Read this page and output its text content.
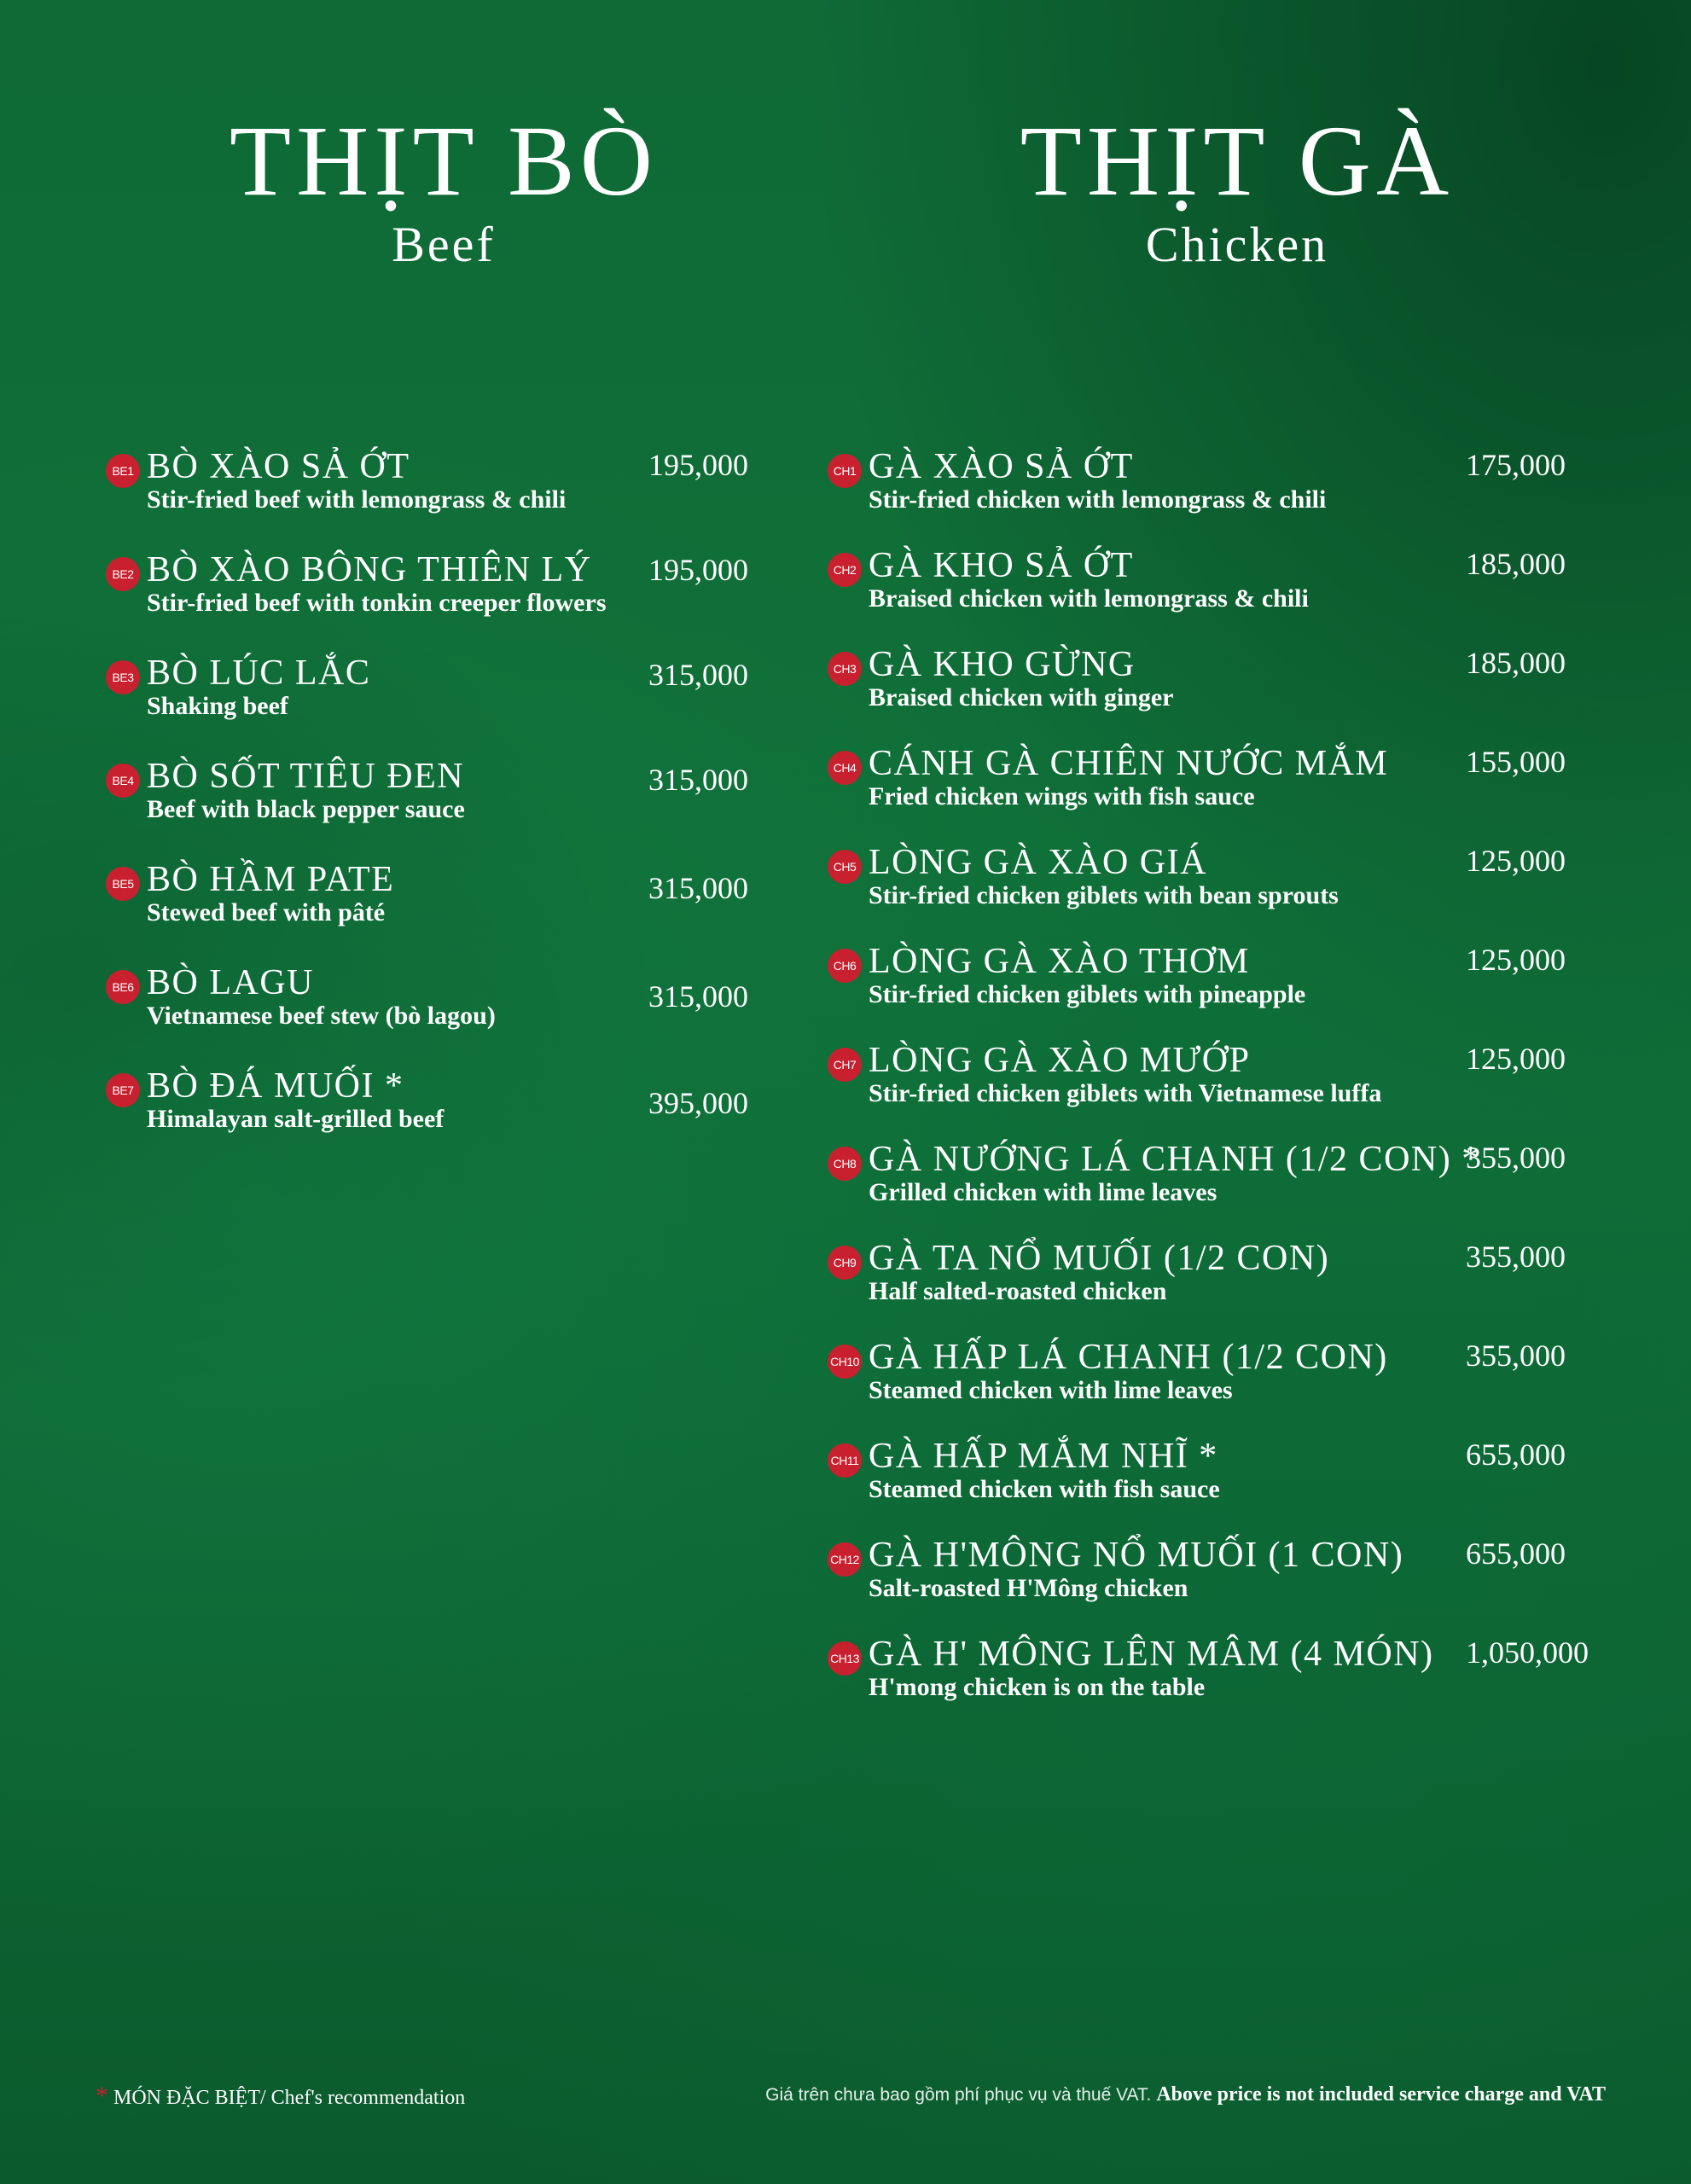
THỊT BÒ
Beef
THỊT GÀ
Chicken
BE1 BÒ XÀO SẢ ỚT
Stir-fried beef with lemongrass & chili
195,000
BE2 BÒ XÀO BÔNG THIÊN LÝ
Stir-fried beef with tonkin creeper flowers
195,000
BE3 BÒ LÚC LẮC
Shaking beef
315,000
BE4 BÒ SỐT TIÊU ĐEN
Beef with black pepper sauce
315,000
BE5 BÒ HẦM PATE
Stewed beef with pâté
315,000
BE6 BÒ LAGU
Vietnamese beef stew (bò lagou)
315,000
BE7 BÒ ĐÁ MUỐI *
Himalayan salt-grilled beef	395,000
CH1 GÀ XÀO SẢ ỚT
Stir-fried chicken with lemongrass & chili
175,000
CH2 GÀ KHO SẢ ỚT
Braised chicken with lemongrass & chili
185,000
CH3 GÀ KHO GỪNG
Braised chicken with ginger
185,000
CH4 CÁNH GÀ CHIÊN NƯỚC MẮM
Fried chicken wings with fish sauce
155,000
CH5 LÒNG GÀ XÀO GIÁ
Stir-fried chicken giblets with bean sprouts
125,000
CH6 LÒNG GÀ XÀO THƠM
Stir-fried chicken giblets with pineapple
125,000
CH7 LÒNG GÀ XÀO MƯỚP
Stir-fried chicken giblets with Vietnamese luffa
125,000
CH8 GÀ NƯỚNG LÁ CHANH (1/2 CON) *
Grilled chicken with lime leaves
355,000
CH9 GÀ TA NỔ MUỐI (1/2 CON)
Half salted-roasted chicken
355,000
CH10 GÀ HẤP LÁ CHANH (1/2 CON)
Steamed chicken with lime leaves
355,000
CH11 GÀ HẤP MẮM NHĨ *
Steamed chicken with fish sauce
655,000
CH12 GÀ H'MÔNG NỔ MUỐI (1 CON)
Salt-roasted H'Mông chicken
655,000
CH13 GÀ H' MÔNG LÊN MÂM (4 MÓN)
H'mong chicken is on the table
1,050,000
* MÓN ĐẶC BIỆT/ Chef's recommendation	Giá trên chưa bao gồm phí phục vụ và thuế VAT. Above price is not included service charge and VAT
